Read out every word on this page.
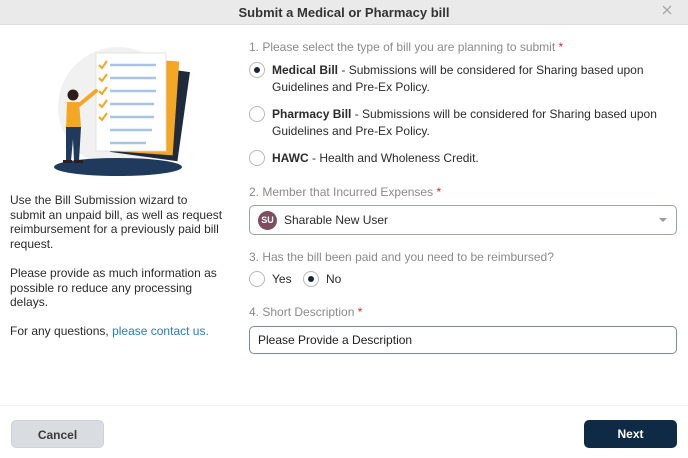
Submit a Medical or Pharmacy bill
Use the Bill Submission wizard to submit an unpaid bill, as well as request reimbursement for a previously paid bill request.
Please provide as much information as possible ro reduce any processing delays.
For any questions, please contact us.
1. Please select the type of bill you are planning to submit *
Medical Bill - Submissions will be considered for Sharing based upon Guidelines and Pre-Ex Policy.
Pharmacy Bill - Submissions will be considered for Sharing based upon Guidelines and Pre-Ex Policy.
HAWC - Health and Wholeness Credit.
2. Member that Incurred Expenses *
SU Sharable New User
3. Has the bill been paid and you need to be reimbursed?
Yes	No
4. Short Description *
Please Provide a Description
Cancel	Next
